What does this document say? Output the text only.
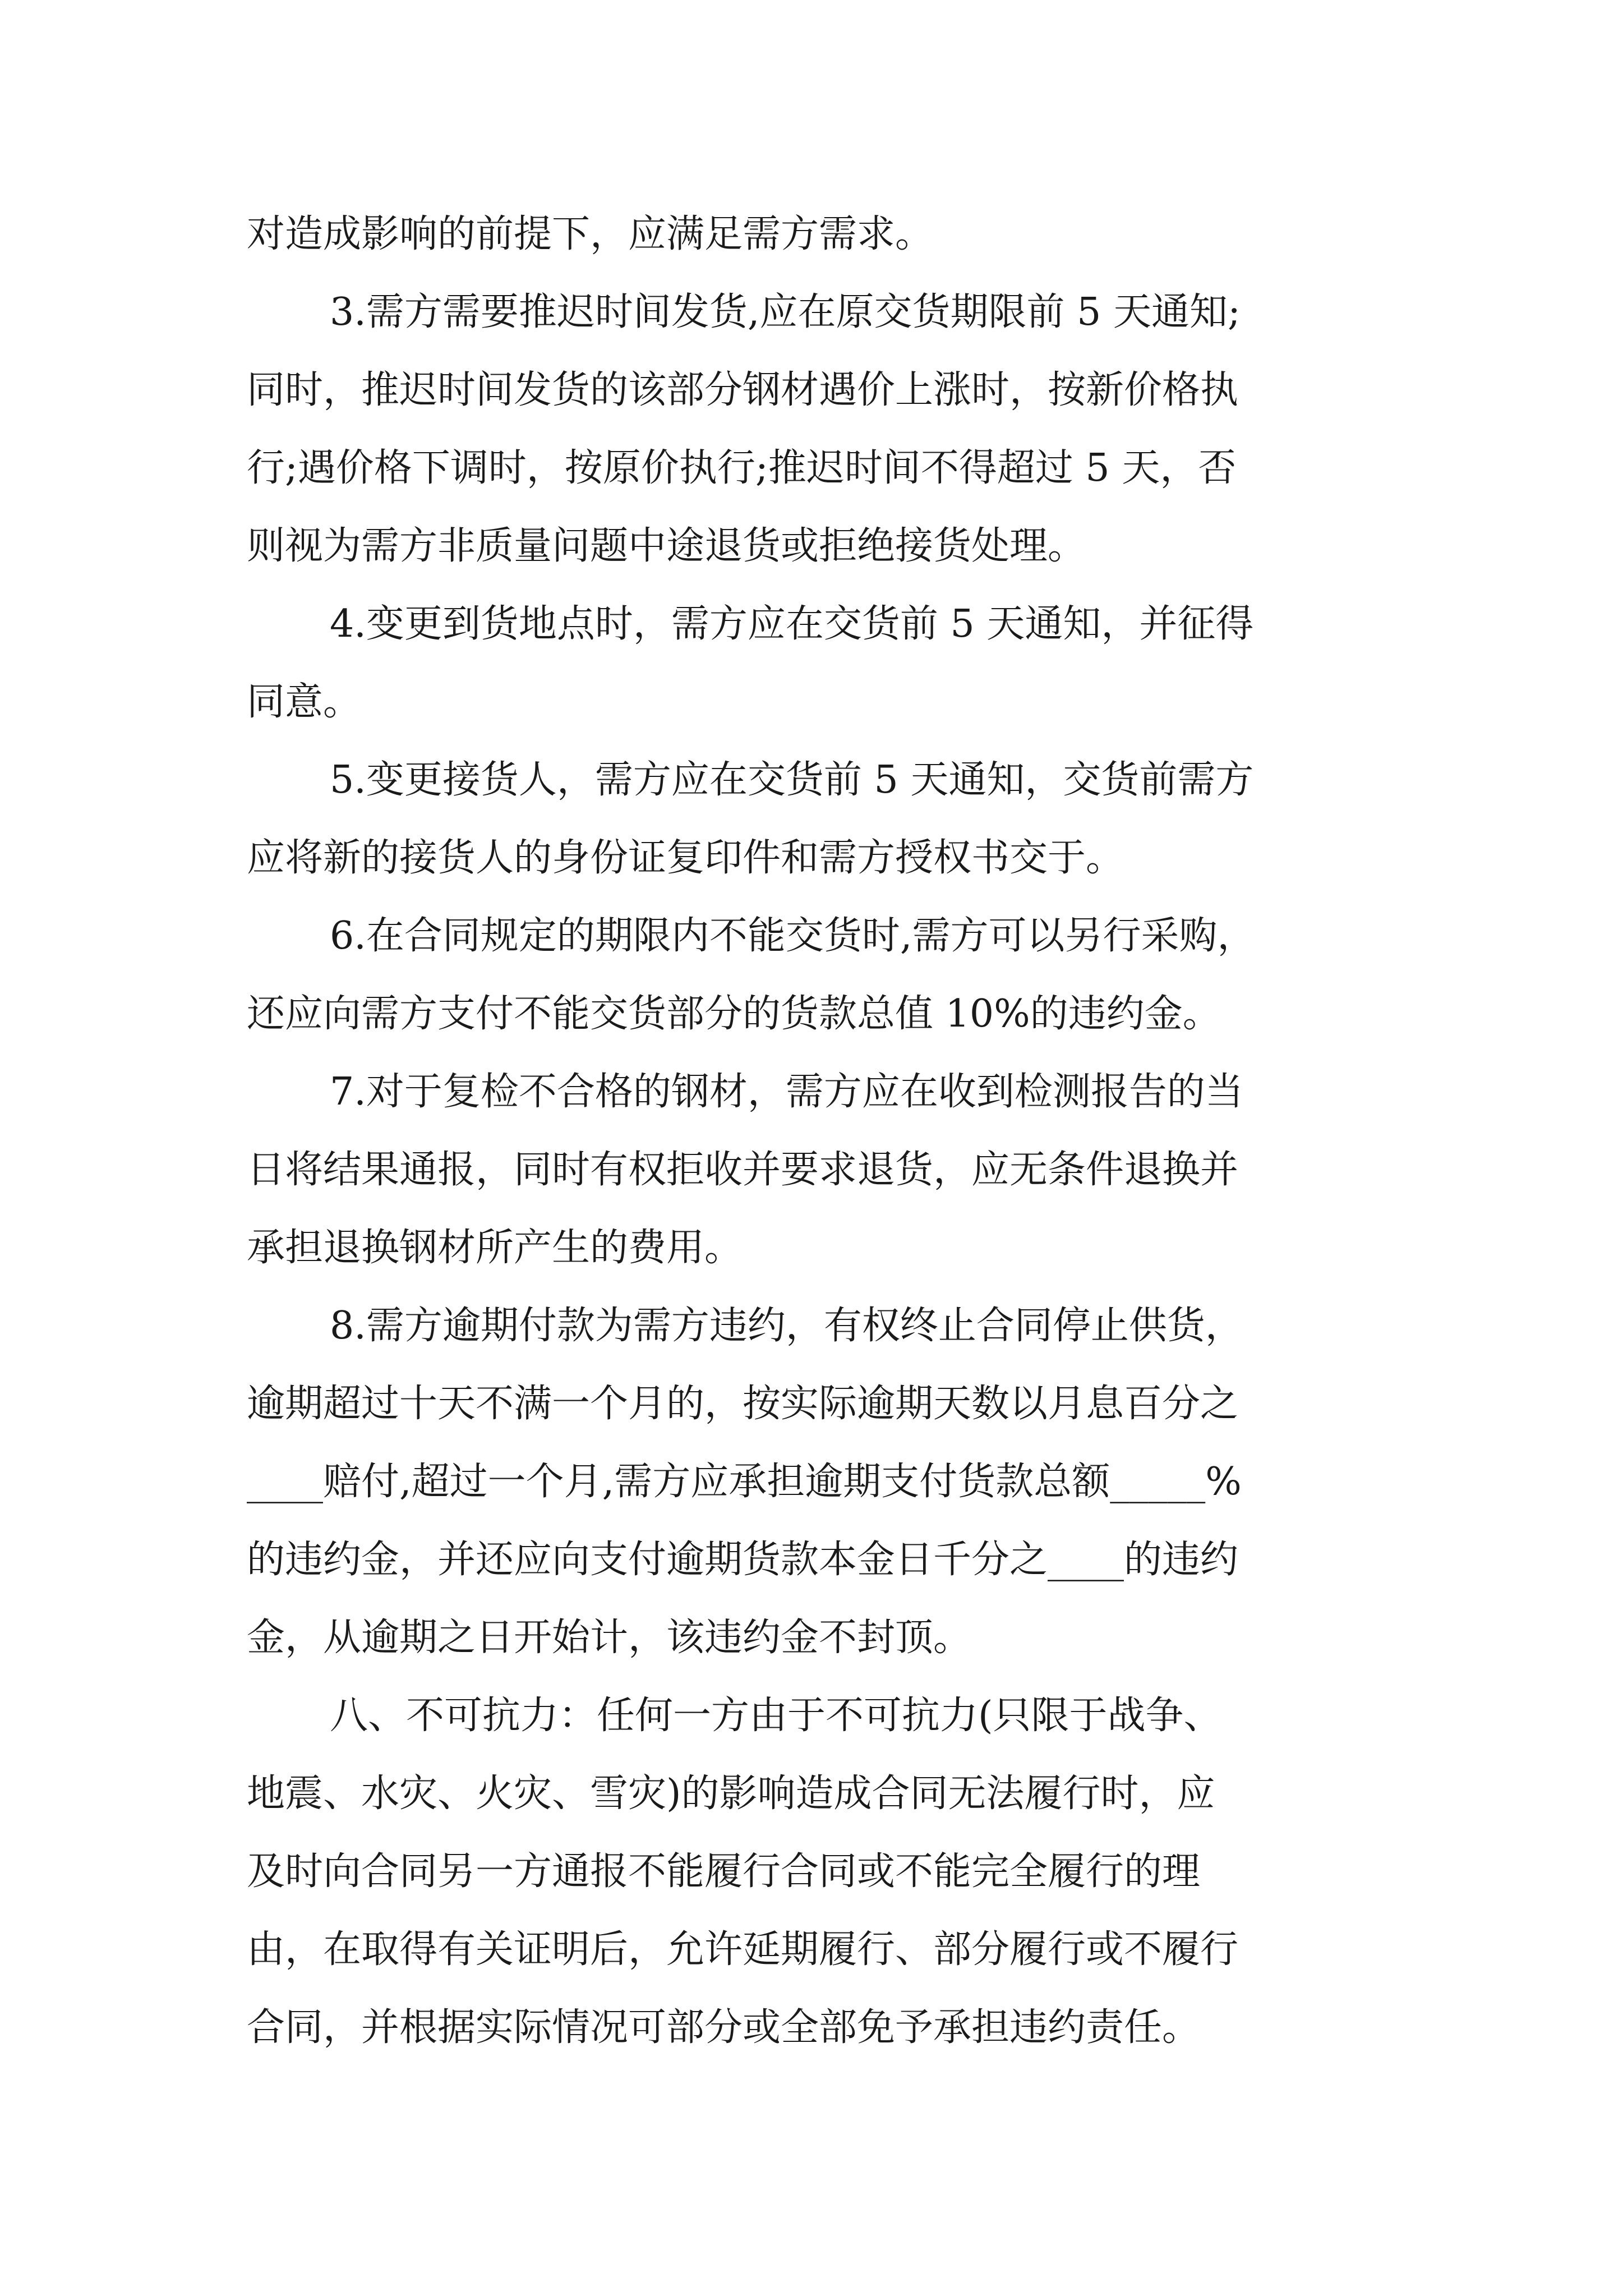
对造成影响的前提下，应满足需方需求。

3.需方需要推迟时间发货,应在原交货期限前 5 天通知;
同时，推迟时间发货的该部分钢材遇价上涨时，按新价格执
行;遇价格下调时，按原价执行;推迟时间不得超过 5 天，否
则视为需方非质量问题中途退货或拒绝接货处理。

4.变更到货地点时，需方应在交货前 5 天通知，并征得
同意。

5.变更接货人，需方应在交货前 5 天通知，交货前需方
应将新的接货人的身份证复印件和需方授权书交于。

6.在合同规定的期限内不能交货时,需方可以另行采购，
还应向需方支付不能交货部分的货款总值 10%的违约金。

7.对于复检不合格的钢材，需方应在收到检测报告的当
日将结果通报，同时有权拒收并要求退货，应无条件退换并
承担退换钢材所产生的费用。

8.需方逾期付款为需方违约，有权终止合同停止供货，
逾期超过十天不满一个月的，按实际逾期天数以月息百分之
____赔付,超过一个月,需方应承担逾期支付货款总额_____%
的违约金，并还应向支付逾期货款本金日千分之____的违约
金，从逾期之日开始计，该违约金不封顶。

八、不可抗力：任何一方由于不可抗力(只限于战争、
地震、水灾、火灾、雪灾)的影响造成合同无法履行时，应
及时向合同另一方通报不能履行合同或不能完全履行的理
由，在取得有关证明后，允许延期履行、部分履行或不履行
合同，并根据实际情况可部分或全部免予承担违约责任。
